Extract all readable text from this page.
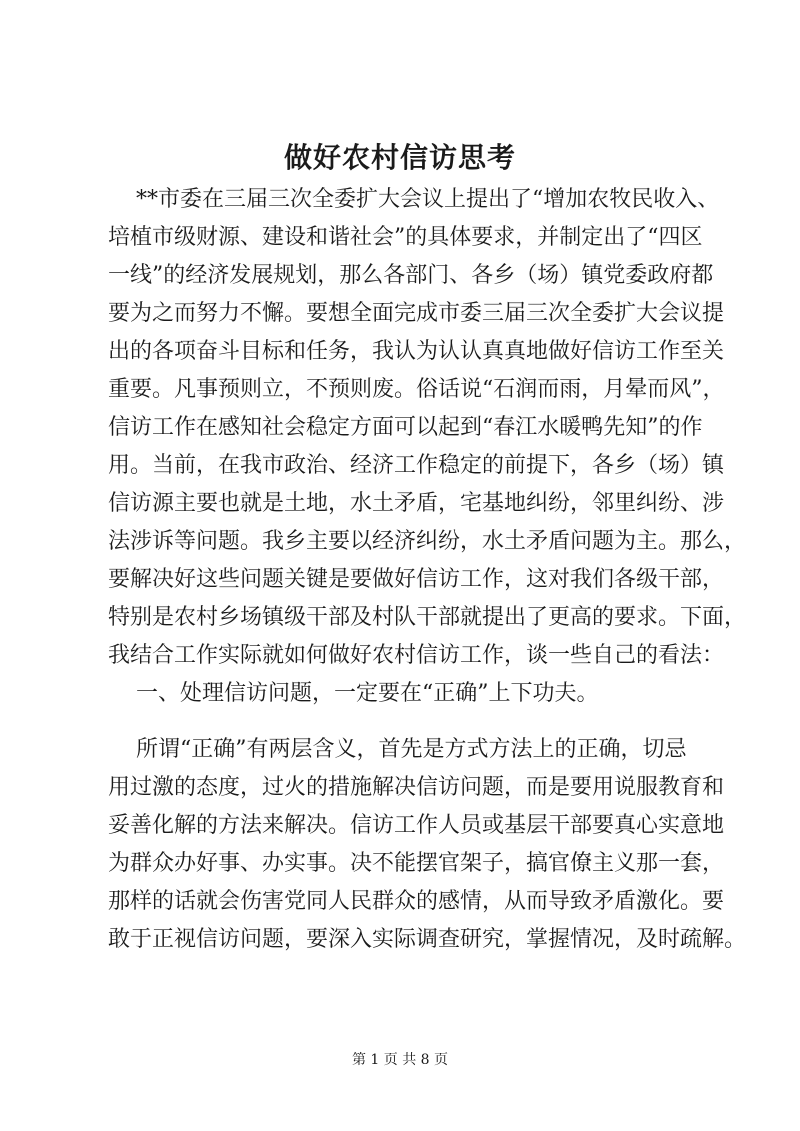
做好农村信访思考
**市委在三届三次全委扩大会议上提出了“增加农牧民收入、
培植市级财源、建设和谐社会”的具体要求，并制定出了“四区
一线”的经济发展规划，那么各部门、各乡（场）镇党委政府都
要为之而努力不懈。要想全面完成市委三届三次全委扩大会议提
出的各项奋斗目标和任务，我认为认认真真地做好信访工作至关
重要。凡事预则立，不预则废。俗话说“石润而雨，月晕而风”，
信访工作在感知社会稳定方面可以起到“春江水暖鸭先知”的作
用。当前，在我市政治、经济工作稳定的前提下，各乡（场）镇
信访源主要也就是土地，水土矛盾，宅基地纠纷，邻里纠纷、涉
法涉诉等问题。我乡主要以经济纠纷，水土矛盾问题为主。那么，
要解决好这些问题关键是要做好信访工作，这对我们各级干部，
特别是农村乡场镇级干部及村队干部就提出了更高的要求。下面，
我结合工作实际就如何做好农村信访工作，谈一些自己的看法：
一、处理信访问题，一定要在“正确”上下功夫。
所谓“正确”有两层含义，首先是方式方法上的正确，切忌
用过激的态度，过火的措施解决信访问题，而是要用说服教育和
妥善化解的方法来解决。信访工作人员或基层干部要真心实意地
为群众办好事、办实事。决不能摆官架子，搞官僚主义那一套，
那样的话就会伤害党同人民群众的感情，从而导致矛盾激化。要
敢于正视信访问题，要深入实际调查研究，掌握情况，及时疏解。
第 1 页 共 8 页
